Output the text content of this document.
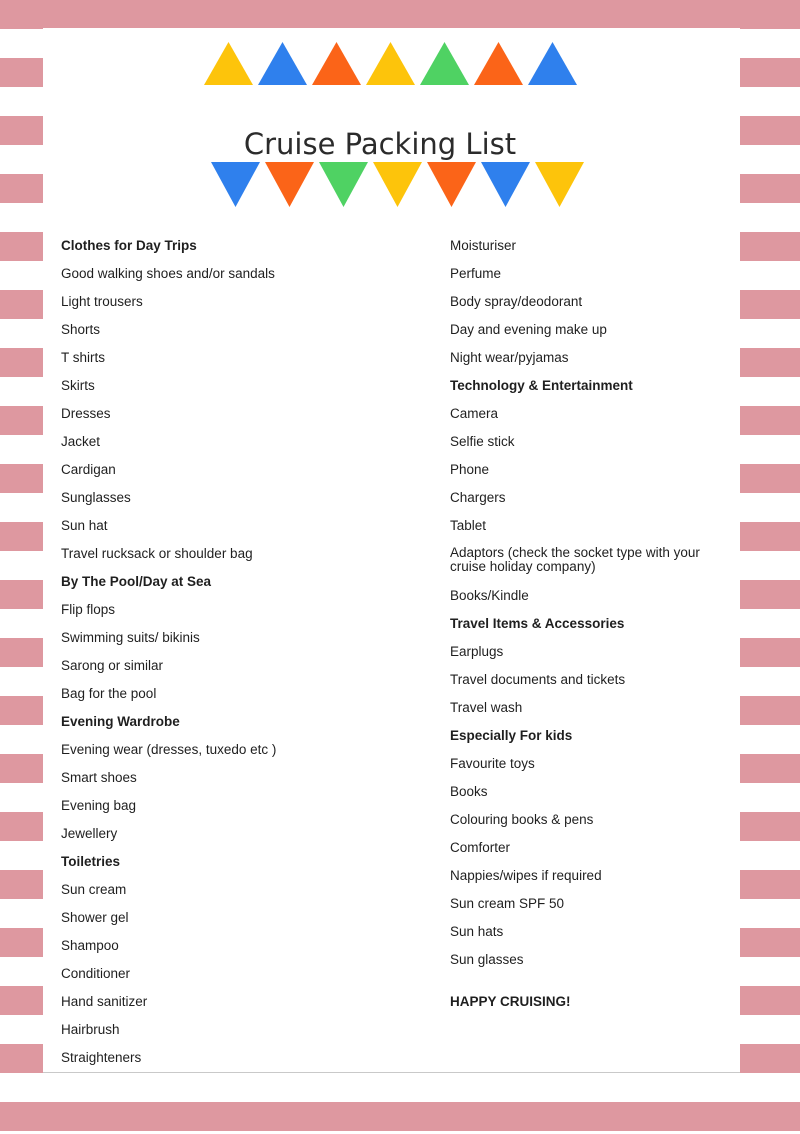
Cruise Packing List
Clothes for Day Trips
Good walking shoes and/or sandals
Light trousers
Shorts
T shirts
Skirts
Dresses
Jacket
Cardigan
Sunglasses
Sun hat
Travel rucksack or shoulder bag
By The Pool/Day at Sea
Flip flops
Swimming suits/ bikinis
Sarong or similar
Bag for the pool
Evening Wardrobe
Evening wear (dresses, tuxedo etc )
Smart shoes
Evening bag
Jewellery
Toiletries
Sun cream
Shower gel
Shampoo
Conditioner
Hand sanitizer
Hairbrush
Straighteners
Moisturiser
Perfume
Body spray/deodorant
Day and evening make up
Night wear/pyjamas
Technology & Entertainment
Camera
Selfie stick
Phone
Chargers
Tablet
Adaptors (check the socket type with your cruise holiday company)
Books/Kindle
Travel Items & Accessories
Earplugs
Travel documents and tickets
Travel wash
Especially For kids
Favourite toys
Books
Colouring books & pens
Comforter
Nappies/wipes if required
Sun cream SPF 50
Sun hats
Sun glasses
HAPPY CRUISING!
